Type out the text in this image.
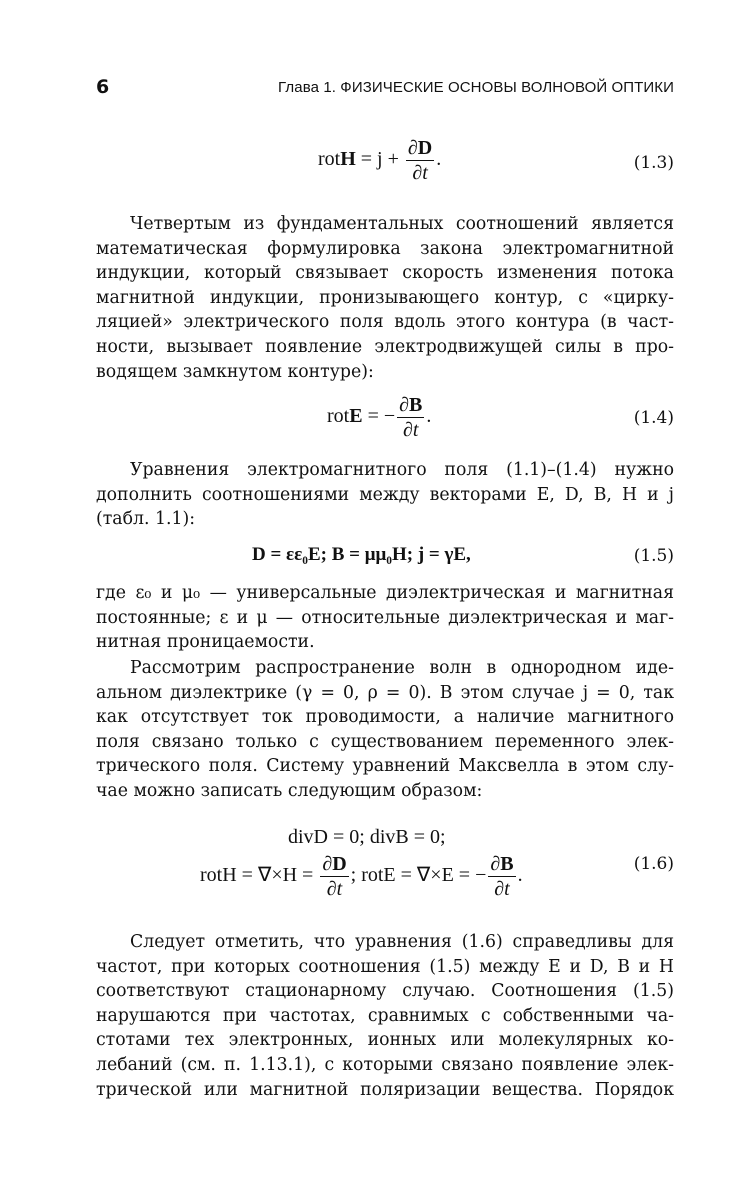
6	Глава 1. ФИЗИЧЕСКИЕ ОСНОВЫ ВОЛНОВОЙ ОПТИКИ
rotH = $j + \frac{\partial D}{\partial t}$ .	(1.3)
Четвертым из фундаментальных соотношений является
математическая формулировка закона электромагнитной
индукции, который связывает скорость изменения потока
магнитной индукции, пронизывающего контур, с «цирку-
ляцией» электрического поля вдоль этого контура (в част-
ности, вызывает появление электродвижущей силы в про-
водящем замкнутом контуре):
rotE = − $\frac{\partial B}{\partial t}$ .	(1.4)
Уравнения электромагнитного поля (1.1)–(1.4) нужно
дополнить соотношениями между векторами E, D, B, H и j
(табл. 1.1):
D = εε₀E; B = μμ₀H; j = γE,	(1.5)
где ε₀ и μ₀ — универсальные диэлектрическая и магнитная
постоянные; ε и μ — относительные диэлектрическая и маг-
нитная проницаемости.
Рассмотрим распространение волн в однородном иде-
альном диэлектрике (γ = 0, ρ = 0). В этом случае j = 0, так
как отсутствует ток проводимости, а наличие магнитного
поля связано только с существованием переменного элек-
трического поля. Систему уравнений Максвелла в этом слу-
чае можно записать следующим образом:
divD = 0; divB = 0;
rotH = $\nabla\times H = \frac{\partial D}{\partial t}$ ; rotE = ∇×E = − $\frac{\partial B}{\partial t}$ .
(1.6)
Следует отметить, что уравнения (1.6) справедливы для
частот, при которых соотношения (1.5) между E и D, B и H
соответствуют стационарному случаю. Соотношения (1.5)
нарушаются при частотах, сравнимых с собственными ча-
стотами тех электронных, ионных или молекулярных ко-
лебаний (см. п. 1.13.1), с которыми связано появление элек-
трической или магнитной поляризации вещества. Порядок
